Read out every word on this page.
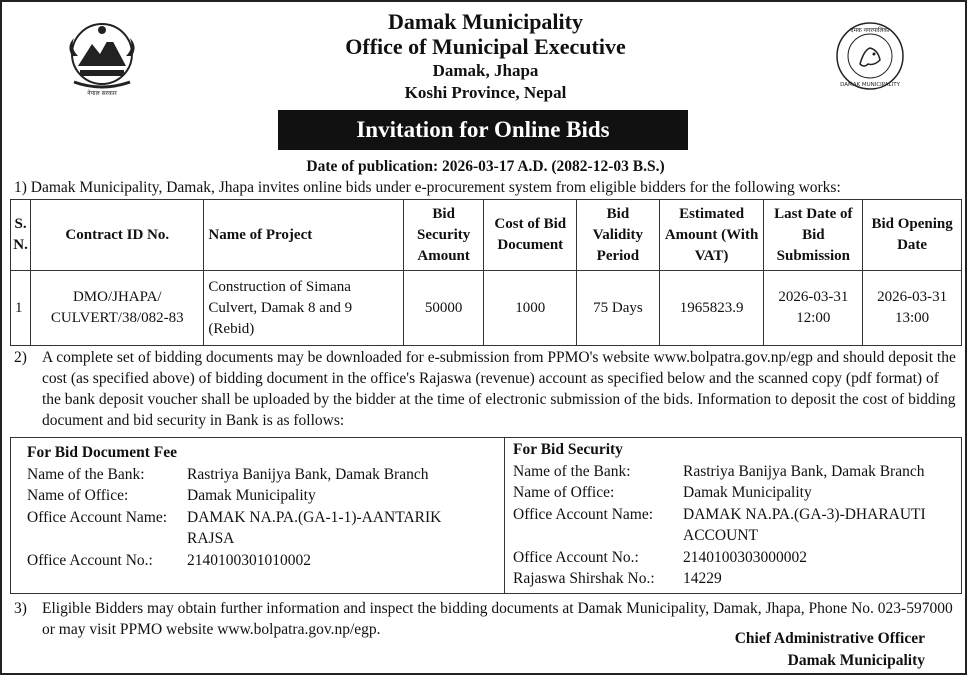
नेपाल सरकार
दमक नगरपालिका
DAMAK MUNICIPALITY
Damak Municipality
Office of Municipal Executive
Damak, Jhapa
Koshi Province, Nepal
Invitation for Online Bids
Date of publication: 2026-03-17 A.D. (2082-12-03 B.S.)
1) Damak Municipality, Damak, Jhapa invites online bids under e-procurement system from eligible bidders for the following works:
S. N.	Contract ID No.	Name of Project	Bid Security Amount	Cost of Bid Document	Bid Validity Period	Estimated Amount (With VAT)	Last Date of Bid Submission	Bid Opening Date
1	DMO/JHAPA/ CULVERT/38/082-83	Construction of Simana Culvert, Damak 8 and 9 (Rebid)	50000	1000	75 Days	1965823.9	2026-03-31 12:00	2026-03-31 13:00
2) A complete set of bidding documents may be downloaded for e-submission from PPMO's website www.bolpatra.gov.np/egp and should deposit the cost (as specified above) of bidding document in the office's Rajaswa (revenue) account as specified below and the scanned copy (pdf format) of the bank deposit voucher shall be uploaded by the bidder at the time of electronic submission of the bids. Information to deposit the cost of bidding document and bid security in Bank is as follows:
For Bid Document Fee
Name of the Bank:	Rastriya Banijya Bank, Damak Branch
Name of Office:	Damak Municipality
Office Account Name:	DAMAK NA.PA.(GA-1-1)-AANTARIK RAJSA
Office Account No.:	2140100301010002
For Bid Security
Name of the Bank:	Rastriya Banijya Bank, Damak Branch
Name of Office:	Damak Municipality
Office Account Name:	DAMAK NA.PA.(GA-3)-DHARAUTI ACCOUNT
Office Account No.:	2140100303000002
Rajaswa Shirshak No.:	14229
3) Eligible Bidders may obtain further information and inspect the bidding documents at Damak Municipality, Damak, Jhapa, Phone No. 023-597000 or may visit PPMO website www.bolpatra.gov.np/egp.
Chief Administrative Officer
Damak Municipality
